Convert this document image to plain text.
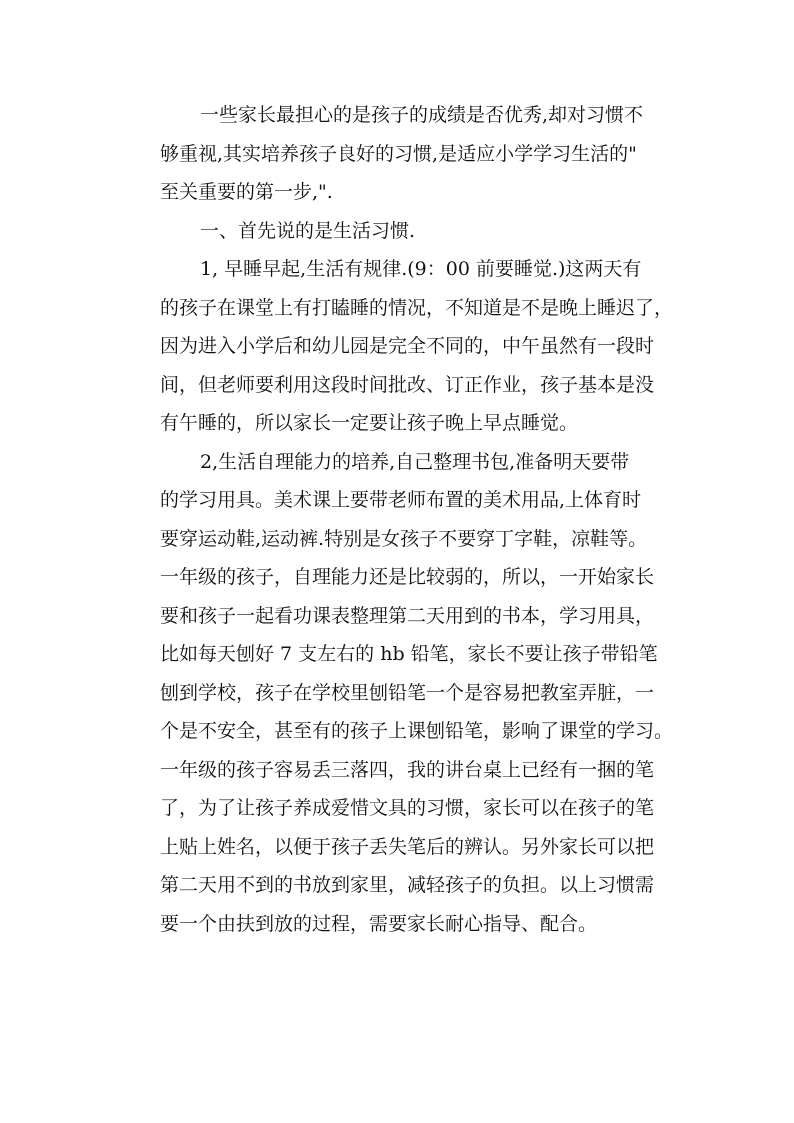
一些家长最担心的是孩子的成绩是否优秀,却对习惯不
够重视,其实培养孩子良好的习惯,是适应小学学习生活的"
至关重要的第一步,".
一、首先说的是生活习惯.
1, 早睡早起,生活有规律.(9：00 前要睡觉.)这两天有
的孩子在课堂上有打瞌睡的情况，不知道是不是晚上睡迟了，
因为进入小学后和幼儿园是完全不同的，中午虽然有一段时
间，但老师要利用这段时间批改、订正作业，孩子基本是没
有午睡的，所以家长一定要让孩子晚上早点睡觉。
2,生活自理能力的培养,自己整理书包,准备明天要带
的学习用具。美术课上要带老师布置的美术用品,上体育时
要穿运动鞋,运动裤.特别是女孩子不要穿丁字鞋，凉鞋等。
一年级的孩子，自理能力还是比较弱的，所以，一开始家长
要和孩子一起看功课表整理第二天用到的书本，学习用具，
比如每天刨好 7 支左右的 hb 铅笔，家长不要让孩子带铅笔
刨到学校，孩子在学校里刨铅笔一个是容易把教室弄脏，一
个是不安全，甚至有的孩子上课刨铅笔，影响了课堂的学习。
一年级的孩子容易丢三落四，我的讲台桌上已经有一捆的笔
了，为了让孩子养成爱惜文具的习惯，家长可以在孩子的笔
上贴上姓名，以便于孩子丢失笔后的辨认。另外家长可以把
第二天用不到的书放到家里，减轻孩子的负担。以上习惯需
要一个由扶到放的过程，需要家长耐心指导、配合。
